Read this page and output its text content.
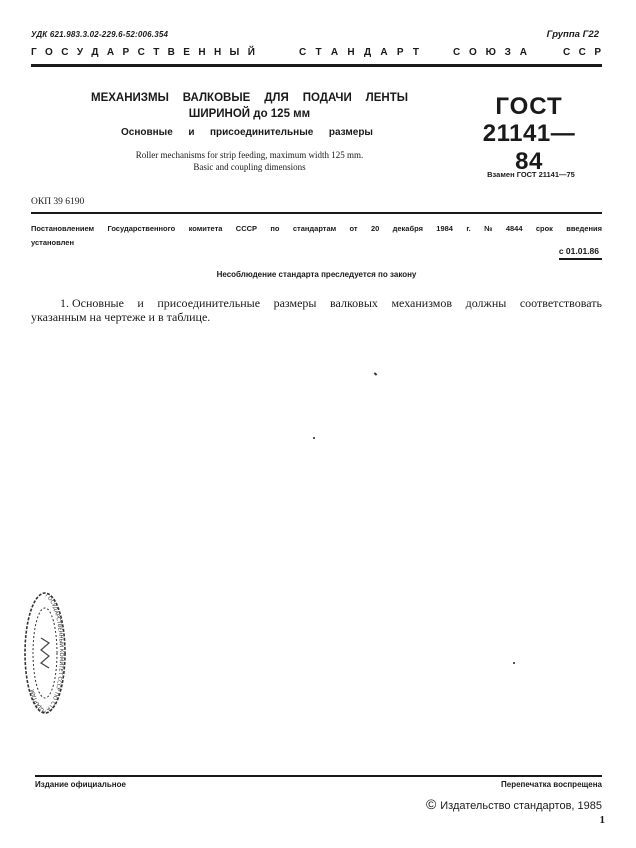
УДК 621.983.3.02-229.6-52:006.354	Группа Г22
Г О С У Д А Р С Т В Е Н Н Ы Й	С Т А Н Д А Р Т	С О Ю З А	С С Р
МЕХАНИЗМЫ ВАЛКОВЫЕ ДЛЯ ПОДАЧИ ЛЕНТЫ
ШИРИНОЙ до 125 мм
Основные и присоединительные размеры
Roller mechanisms for strip feeding, maximum width 125 mm.
Basic and coupling dimensions
ГОСТ
21141—84
Взамен ГОСТ 21141—75
ОКП 39 6190
Постановлением Государственного комитета СССР по стандартам от 20 декабря 1984 г. № 4844 срок введения
установлен
с 01.01.86
Несоблюдение стандарта преследуется по закону
1. Основные и присоединительные размеры валковых механизмов должны соответствовать
указанным на чертеже и в таблице.
ГОСУДАРСТВЕННЫЙ КОМИТЕТ СССР ПО СТАНДАРТАМ
Издание официальное	Перепечатка воспрещена
© Издательство стандартов, 1985
1
